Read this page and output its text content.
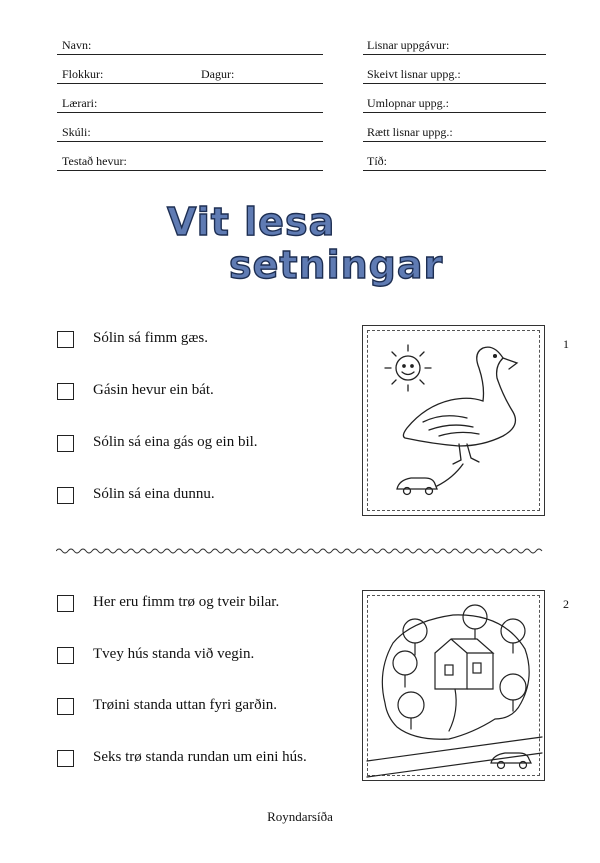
Navn:
Flokkur:	Dagur:
Lærari:
Skúli:
Testað hevur:
Lisnar uppgávur:
Skeivt lisnar uppg.:
Umlopnar uppg.:
Rætt lisnar uppg.:
Tíð:
Vit lesa
setningar
Sólin sá fimm gæs.
Gásin hevur ein bát.
Sólin sá eina gás og ein bil.
Sólin sá eina dunnu.
1
Her eru fimm trø og tveir bilar.
Tvey hús standa við vegin.
Trøini standa uttan fyri garðin.
Seks trø standa rundan um eini hús.
2
Royndarsíða
